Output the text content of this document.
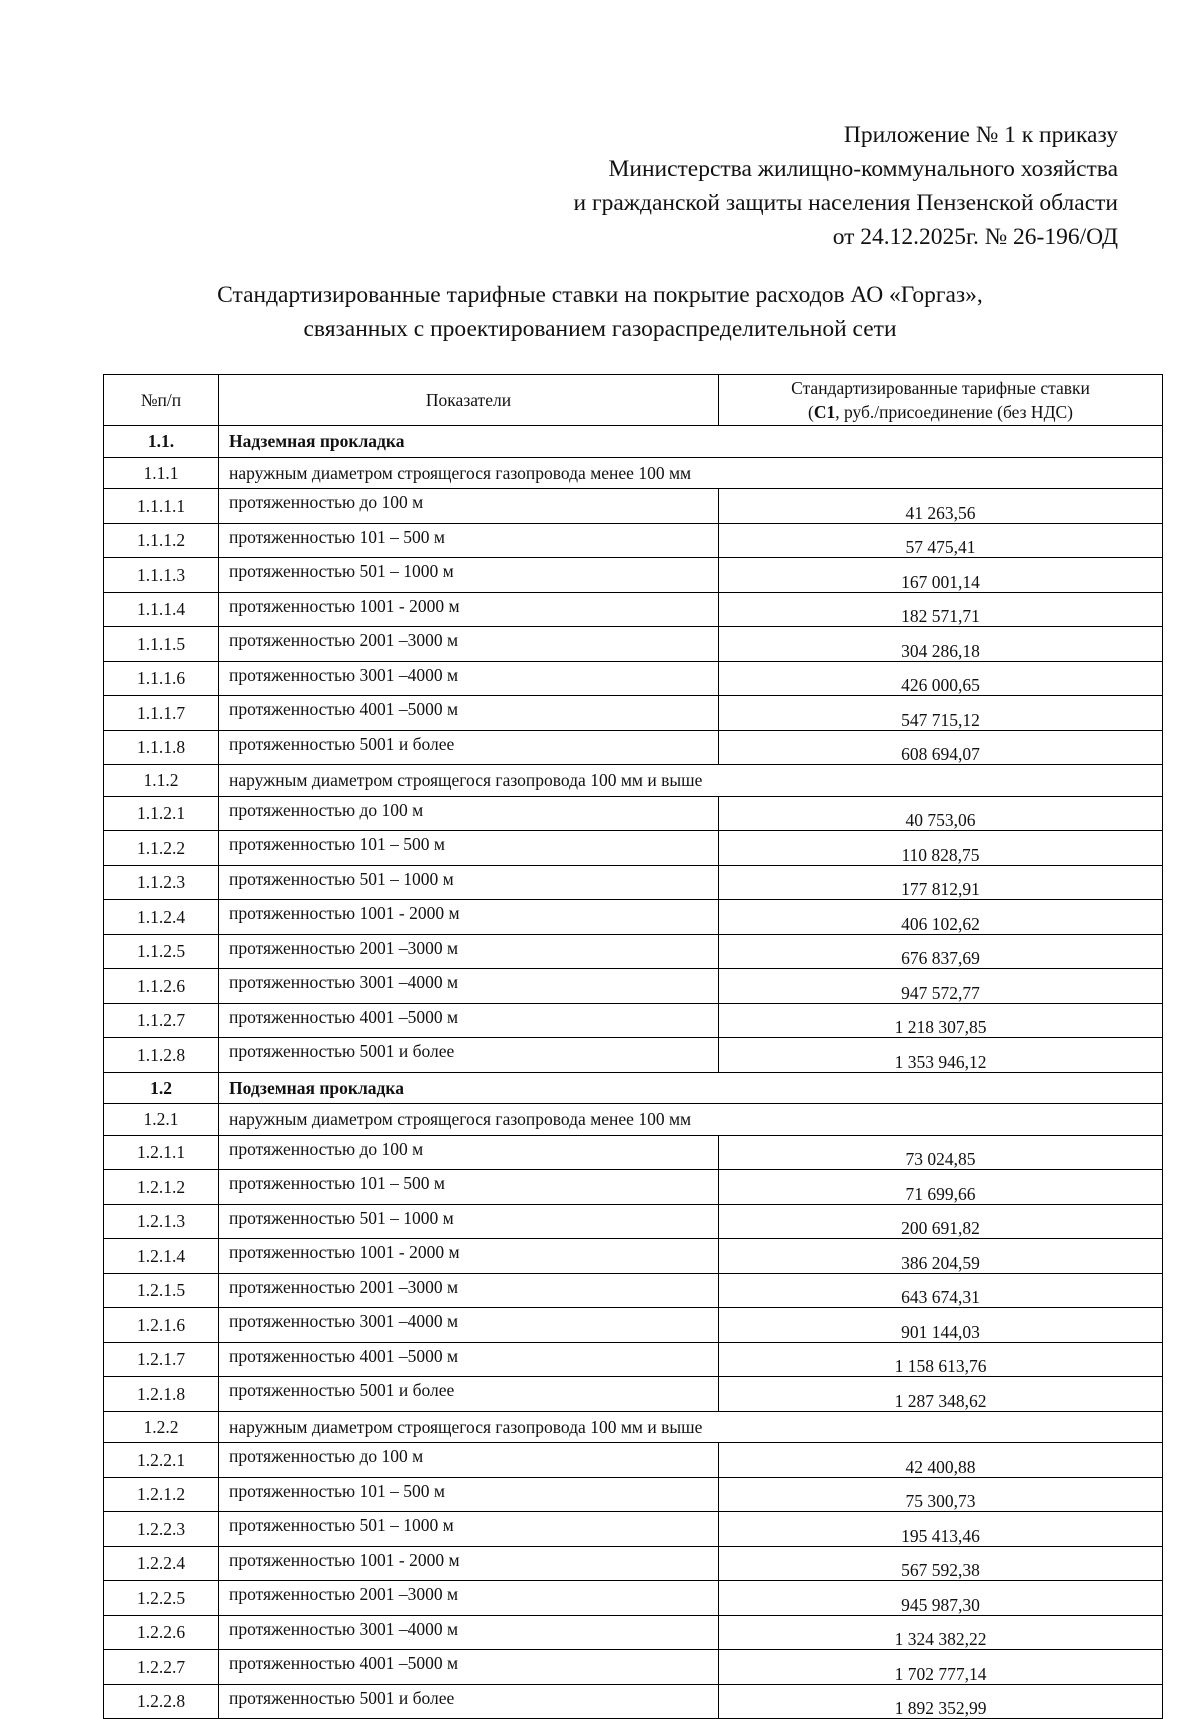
Приложение № 1 к приказу
Министерства жилищно-коммунального хозяйства
и гражданской защиты населения Пензенской области
от 24.12.2025г. № 26-196/ОД
Стандартизированные тарифные ставки на покрытие расходов АО «Горгаз»,
связанных с проектированием газораспределительной сети
№п/п	Показатели	Стандартизированные тарифные ставки
(С1, руб./присоединение (без НДС)
1.1.	Надземная прокладка	
1.1.1	наружным диаметром строящегося газопровода менее 100 мм	
1.1.1.1	протяженностью до 100 м	41 263,56
1.1.1.2	протяженностью 101 – 500 м	57 475,41
1.1.1.3	протяженностью 501 – 1000 м	167 001,14
1.1.1.4	протяженностью 1001 - 2000 м	182 571,71
1.1.1.5	протяженностью 2001 –3000 м	304 286,18
1.1.1.6	протяженностью 3001 –4000 м	426 000,65
1.1.1.7	протяженностью 4001 –5000 м	547 715,12
1.1.1.8	протяженностью 5001 и более	608 694,07
1.1.2	наружным диаметром строящегося газопровода 100 мм и выше	
1.1.2.1	протяженностью до 100 м	40 753,06
1.1.2.2	протяженностью 101 – 500 м	110 828,75
1.1.2.3	протяженностью 501 – 1000 м	177 812,91
1.1.2.4	протяженностью 1001 - 2000 м	406 102,62
1.1.2.5	протяженностью 2001 –3000 м	676 837,69
1.1.2.6	протяженностью 3001 –4000 м	947 572,77
1.1.2.7	протяженностью 4001 –5000 м	1 218 307,85
1.1.2.8	протяженностью 5001 и более	1 353 946,12
1.2	Подземная прокладка	
1.2.1	наружным диаметром строящегося газопровода менее 100 мм	
1.2.1.1	протяженностью до 100 м	73 024,85
1.2.1.2	протяженностью 101 – 500 м	71 699,66
1.2.1.3	протяженностью 501 – 1000 м	200 691,82
1.2.1.4	протяженностью 1001 - 2000 м	386 204,59
1.2.1.5	протяженностью 2001 –3000 м	643 674,31
1.2.1.6	протяженностью 3001 –4000 м	901 144,03
1.2.1.7	протяженностью 4001 –5000 м	1 158 613,76
1.2.1.8	протяженностью 5001 и более	1 287 348,62
1.2.2	наружным диаметром строящегося газопровода 100 мм и выше	
1.2.2.1	протяженностью до 100 м	42 400,88
1.2.1.2	протяженностью 101 – 500 м	75 300,73
1.2.2.3	протяженностью 501 – 1000 м	195 413,46
1.2.2.4	протяженностью 1001 - 2000 м	567 592,38
1.2.2.5	протяженностью 2001 –3000 м	945 987,30
1.2.2.6	протяженностью 3001 –4000 м	1 324 382,22
1.2.2.7	протяженностью 4001 –5000 м	1 702 777,14
1.2.2.8	протяженностью 5001 и более	1 892 352,99
